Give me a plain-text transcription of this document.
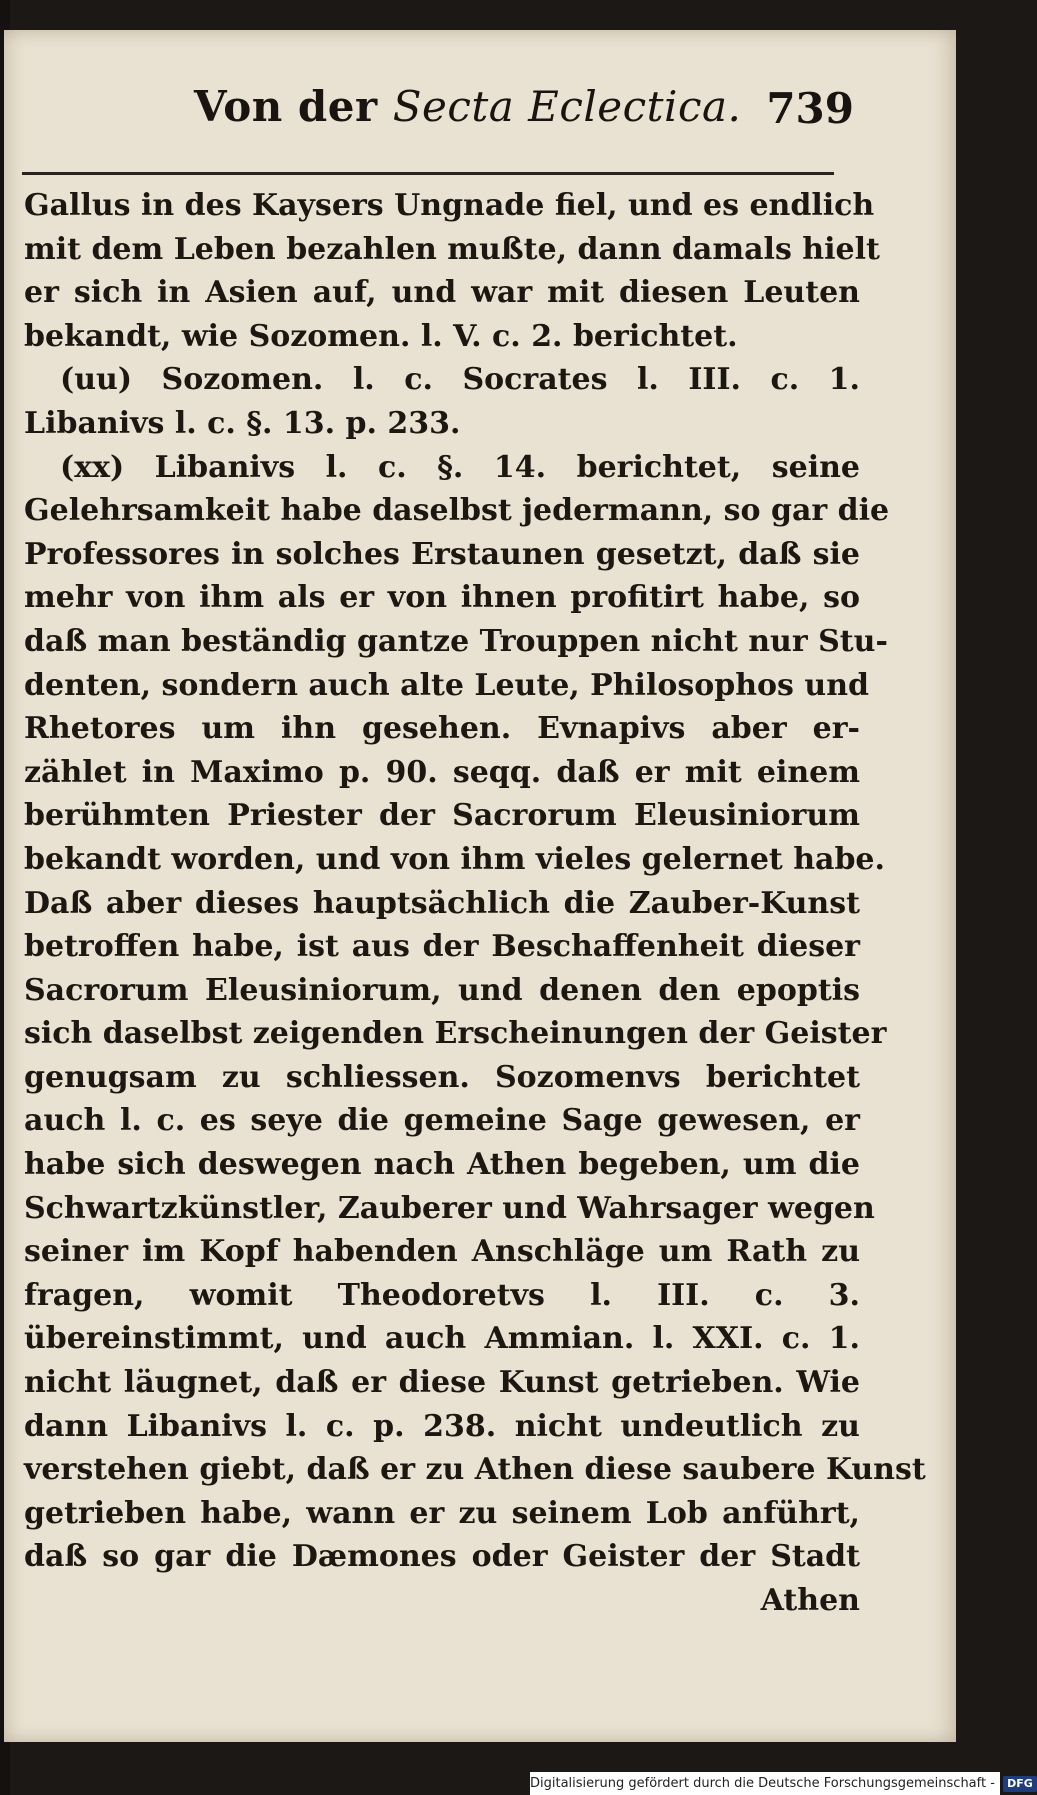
Von der Secta Eclectica. 739
Gallus in des Kaysers Ungnade fiel, und es endlich
mit dem Leben bezahlen mußte, dann damals hielt
er sich in Asien auf, und war mit diesen Leuten
bekandt, wie Sozomen. l. V. c. 2. berichtet.
(uu) Sozomen. l. c. Socrates l. III. c. 1.
Libanivs l. c. §. 13. p. 233.
(xx) Libanivs l. c. §. 14. berichtet, seine
Gelehrsamkeit habe daselbst jedermann, so gar die
Professores in solches Erstaunen gesetzt, daß sie
mehr von ihm als er von ihnen profitirt habe, so
daß man beständig gantze Trouppen nicht nur Stu-
denten, sondern auch alte Leute, Philosophos und
Rhetores um ihn gesehen. Evnapivs aber er-
zählet in Maximo p. 90. seqq. daß er mit einem
berühmten Priester der Sacrorum Eleusiniorum
bekandt worden, und von ihm vieles gelernet habe.
Daß aber dieses hauptsächlich die Zauber-Kunst
betroffen habe, ist aus der Beschaffenheit dieser
Sacrorum Eleusiniorum, und denen den epoptis
sich daselbst zeigenden Erscheinungen der Geister
genugsam zu schliessen. Sozomenvs berichtet
auch l. c. es seye die gemeine Sage gewesen, er
habe sich deswegen nach Athen begeben, um die
Schwartzkünstler, Zauberer und Wahrsager wegen
seiner im Kopf habenden Anschläge um Rath zu
fragen, womit Theodoretvs l. III. c. 3.
übereinstimmt, und auch Ammian. l. XXI. c. 1.
nicht läugnet, daß er diese Kunst getrieben. Wie
dann Libanivs l. c. p. 238. nicht undeutlich zu
verstehen giebt, daß er zu Athen diese saubere Kunst
getrieben habe, wann er zu seinem Lob anführt,
daß so gar die Dæmones oder Geister der Stadt
Athen
Digitalisierung gefördert durch die Deutsche Forschungsgemeinschaft - DFG
